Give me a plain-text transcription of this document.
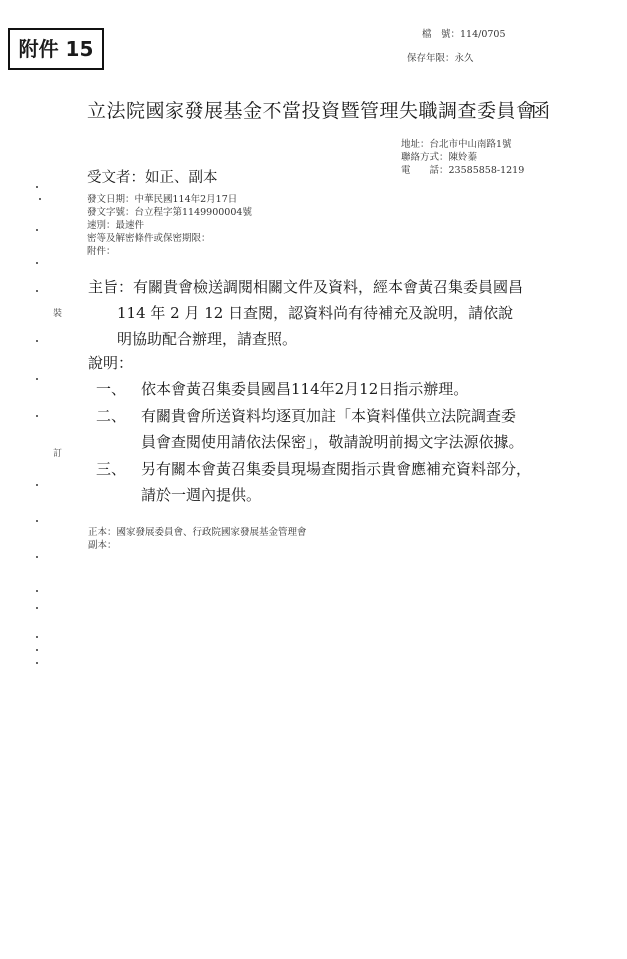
附件 15
檔　號：114/0705
保存年限：永久
立法院國家發展基金不當投資暨管理失職調查委員會
函
地址：台北市中山南路1號
聯絡方式：陳姈蓁
電　　話：23585858-1219
受文者：如正、副本
發文日期：中華民國114年2月17日
發文字號：台立程字第1149900004號
速別：最速件
密等及解密條件或保密期限：
附件：
主旨：有關貴會檢送調閱相關文件及資料，經本會黃召集委員國昌
114 年 2 月 12 日查閱，認資料尚有待補充及說明，請依說
明協助配合辦理，請查照。
說明：
一、 依本會黃召集委員國昌114年2月12日指示辦理。
二、 有關貴會所送資料均逐頁加註「本資料僅供立法院調查委
員會查閱使用請依法保密」，敬請說明前揭文字法源依據。
三、 另有關本會黃召集委員現場查閱指示貴會應補充資料部分，
請於一週內提供。
正本：國家發展委員會、行政院國家發展基金管理會
副本：
裝
訂
